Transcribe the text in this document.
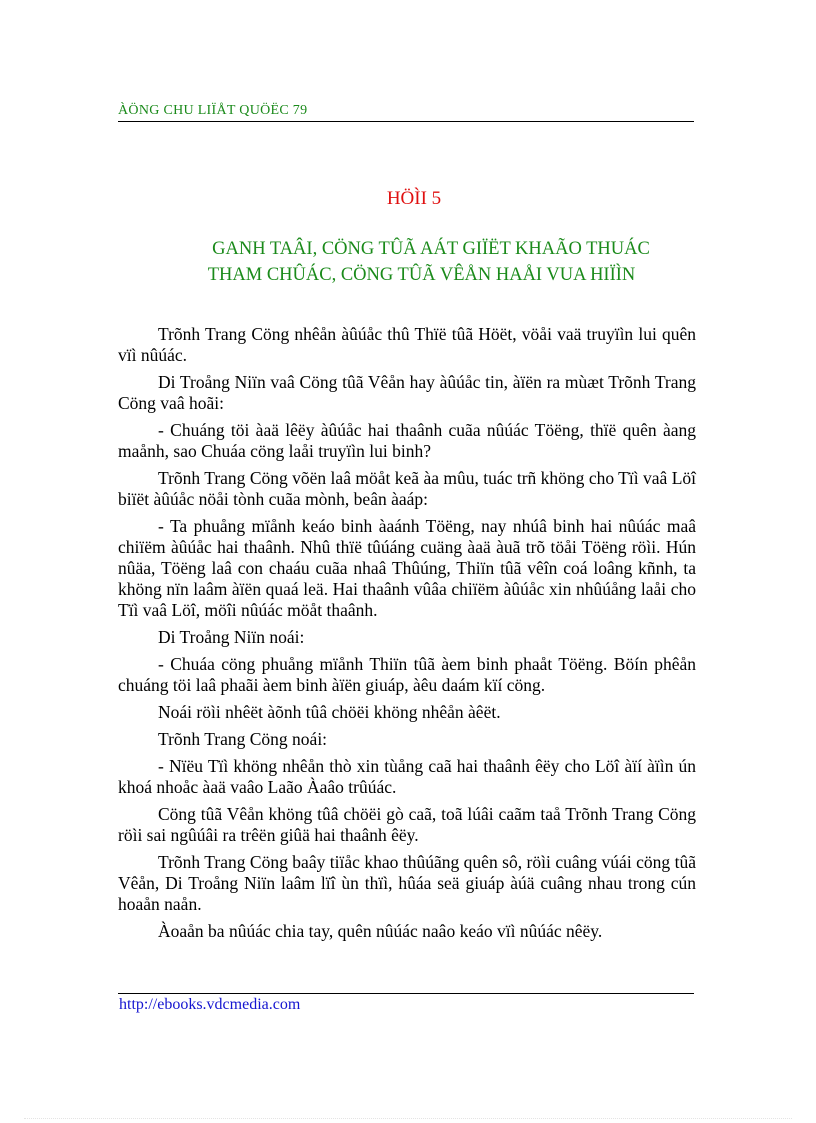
ÀÖNG CHU LIÏÅT QUÖËC 79
HÖÌI 5
GANH TAÂI, CÖNG TÛÃ AÁT GIÏËT KHAÃO THUÁC
THAM CHÛÁC, CÖNG TÛÃ VÊÅN HAÅI VUA HIÏÌN

Trõnh Trang Cöng nhêån àûúåc thû Thïë tûã Höët, vöåi vaä truyïìn lui quên vïì nûúác.

Di Troång Niïn vaâ Cöng tûã Vêån hay àûúåc tin, àïën ra mùæt Trõnh Trang Cöng vaâ hoãi:

- Chuáng töi àaä lêëy àûúåc hai thaânh cuãa nûúác Töëng, thïë quên àang maånh, sao Chuáa cöng laåi truyïìn lui binh?

Trõnh Trang Cöng võën laâ möåt keã àa mûu, tuác trñ khöng cho Tïì vaâ Löî biïët àûúåc nöåi tònh cuãa mònh, beân àaáp:

- Ta phuång mïånh keáo binh àaánh Töëng, nay nhúâ binh hai nûúác maâ chiïëm àûúåc hai thaânh. Nhû thïë tûúáng cuäng àaä àuã trõ töåi Töëng röìi. Hún nûäa, Töëng laâ con chaáu cuãa nhaâ Thûúng, Thiïn tûã vêîn coá loâng kñnh, ta khöng nïn laâm àïën quaá leä. Hai thaânh vûâa chiïëm àûúåc xin nhûúång laåi cho Tïì vaâ Löî, möîi nûúác möåt thaânh.

Di Troång Niïn noái:

- Chuáa cöng phuång mïånh Thiïn tûã àem binh phaåt Töëng. Böín phêån chuáng töi laâ phaãi àem binh àïën giuáp, àêu daám kïí cöng.

Noái röìi nhêët àõnh tûâ chöëi khöng nhêån àêët.

Trõnh Trang Cöng noái:

- Nïëu Tïì khöng nhêån thò xin tùång caã hai thaânh êëy cho Löî àïí àïìn ún khoá nhoåc àaä vaâo Laão Àaâo trûúác.

Cöng tûã Vêån khöng tûâ chöëi gò caã, toã lúâi caãm taå Trõnh Trang Cöng röìi sai ngûúâi ra trêën giûä hai thaânh êëy.

Trõnh Trang Cöng baây tiïåc khao thûúãng quên sô, röìi cuâng vúái cöng tûã Vêån, Di Troång Niïn laâm lïî ùn thïì, hûáa seä giuáp àúä cuâng nhau trong cún hoaån naån.

Àoaån ba nûúác chia tay, quên nûúác naâo keáo vïì nûúác nêëy.

http://ebooks.vdcmedia.com
